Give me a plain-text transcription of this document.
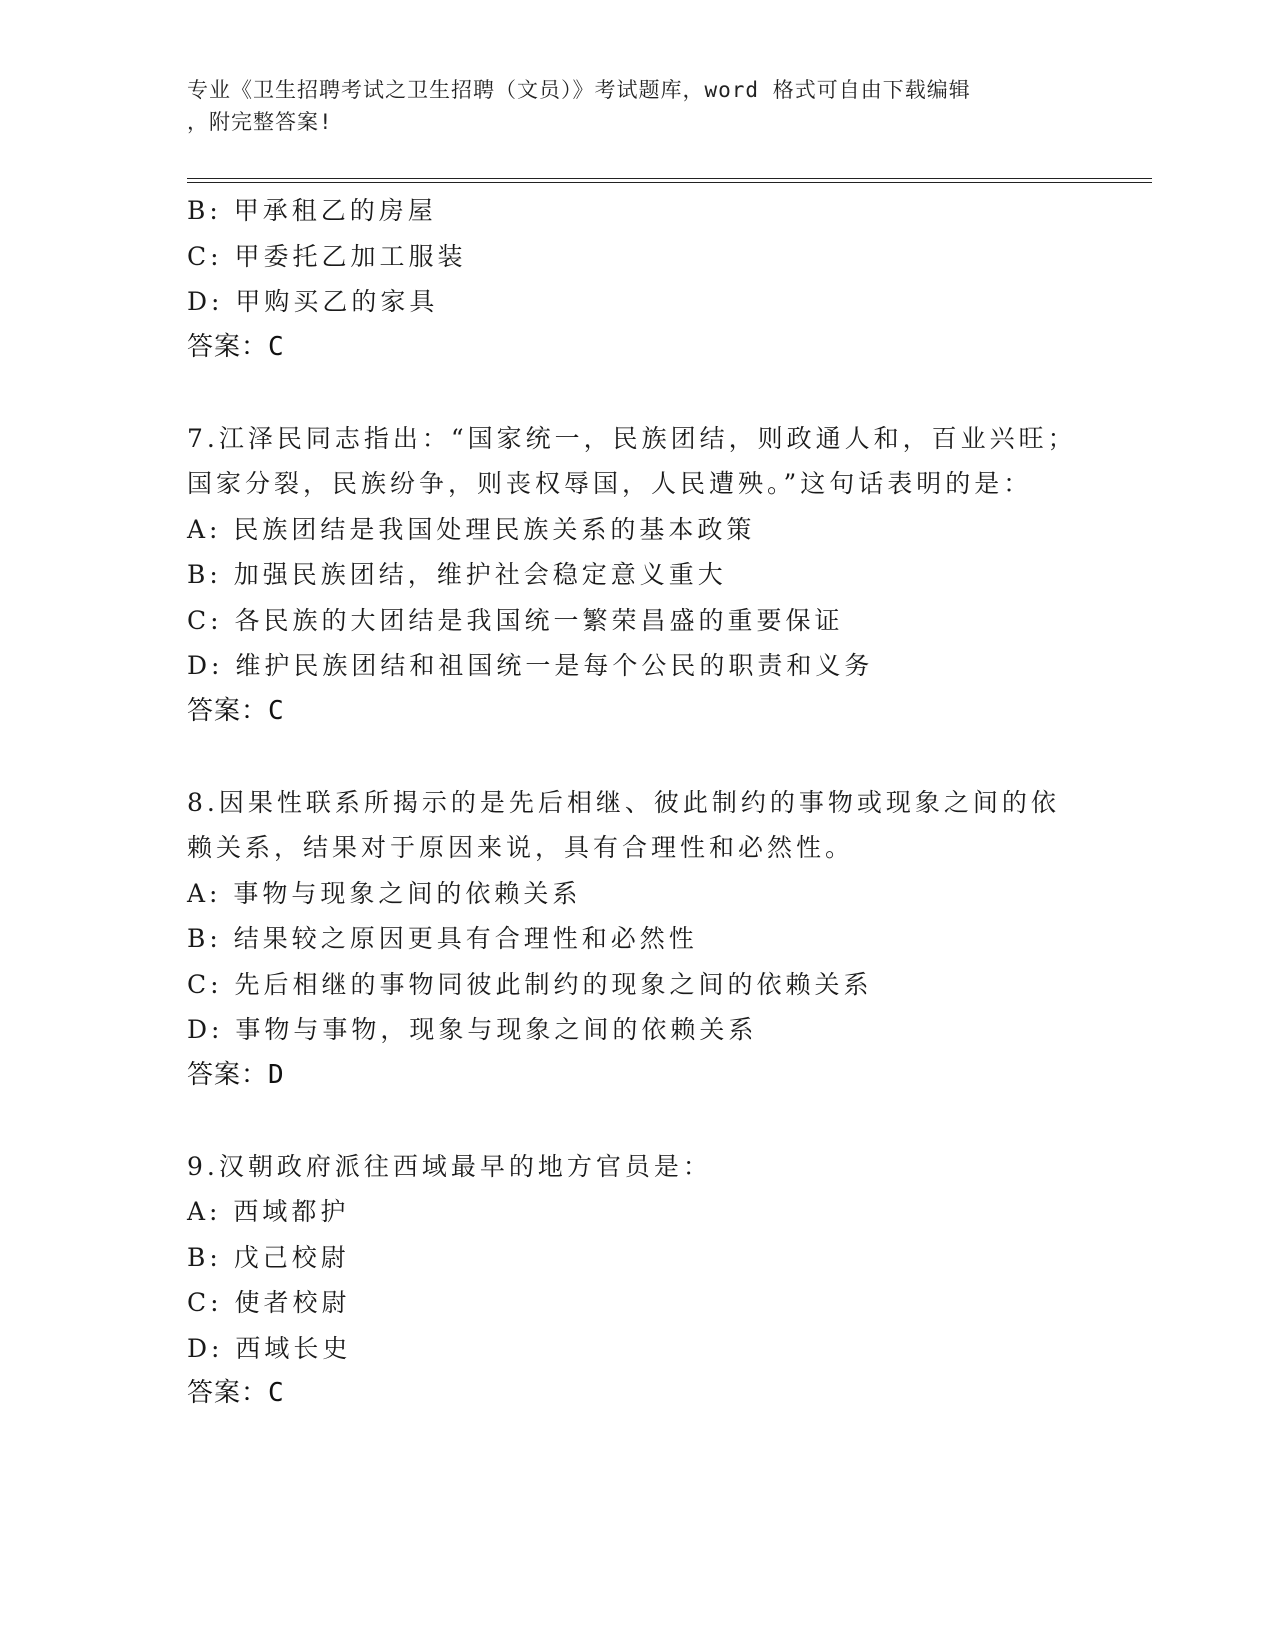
专业《卫生招聘考试之卫生招聘（文员）》考试题库，word 格式可自由下载编辑
，附完整答案!
B: 甲承租乙的房屋
C: 甲委托乙加工服装
D: 甲购买乙的家具
答案：C
7.江泽民同志指出：“国家统一，民族团结，则政通人和，百业兴旺；
国家分裂，民族纷争，则丧权辱国，人民遭殃。”这句话表明的是：
A: 民族团结是我国处理民族关系的基本政策
B: 加强民族团结，维护社会稳定意义重大
C: 各民族的大团结是我国统一繁荣昌盛的重要保证
D: 维护民族团结和祖国统一是每个公民的职责和义务
答案：C
8.因果性联系所揭示的是先后相继、彼此制约的事物或现象之间的依
赖关系，结果对于原因来说，具有合理性和必然性。
A: 事物与现象之间的依赖关系
B: 结果较之原因更具有合理性和必然性
C: 先后相继的事物同彼此制约的现象之间的依赖关系
D: 事物与事物，现象与现象之间的依赖关系
答案：D
9.汉朝政府派往西域最早的地方官员是：
A: 西域都护
B: 戊己校尉
C: 使者校尉
D: 西域长史
答案：C
